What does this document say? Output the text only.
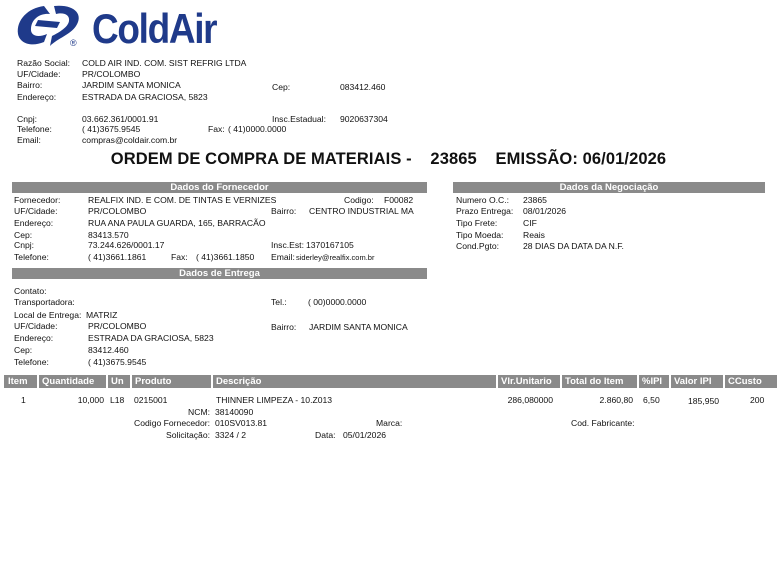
ColdAir
®
Razão Social: COLD AIR IND. COM. SIST REFRIG LTDA
UF/Cidade:	PR/COLOMBO
Bairro:	JARDIM SANTA MONICA	Cep:	083412.460
Endereço:	ESTRADA DA GRACIOSA, 5823
Cnpj:	03.662.361/0001.91	Insc.Estadual: 9020637304
Telefone:	( 41)3675.9545	Fax: ( 41)0000.0000
Email:	compras@coldair.com.br
ORDEM DE COMPRA DE MATERIAIS -    23865    EMISSÃO: 06/01/2026
Dados do Fornecedor
Fornecedor:	REALFIX IND. E COM. DE TINTAS E VERNIZES	Codigo: F00082
UF/Cidade:	PR/COLOMBO	Bairro: CENTRO INDUSTRIAL MA
Endereço:	RUA ANA PAULA GUARDA, 165, BARRACÃO
Cep:	83413.570
Cnpj:	73.244.626/0001.17	Insc.Est: 1370167105
Telefone:	( 41)3661.1861	Fax: ( 41)3661.1850 Email: siderley@realfix.com.br
Dados da Negociação
Numero O.C.: 23865
Prazo Entrega: 08/01/2026
Tipo Frete:	CIF
Tipo Moeda: Reais
Cond.Pgto:	28 DIAS DA DATA DA N.F.
Dados de Entrega
Contato:
Transportadora:	Tel.: ( 00)0000.0000
Local de Entrega: MATRIZ
UF/Cidade:	PR/COLOMBO	Bairro: JARDIM SANTA MONICA
Endereço:	ESTRADA DA GRACIOSA, 5823
Cep:	83412.460
Telefone:	( 41)3675.9545
Item	Quantidade	Un	Produto	Descrição	Vlr.Unitario	Total do Item	%IPI	Valor IPI	CCusto
1	10,000 L18 0215001	THINNER LIMPEZA - 10.Z013	286,080000	2.860,80 6,50	185,950	200
NCM: 38140090
Codigo Fornecedor: 010SV013.81	Marca:	Cod. Fabricante:
Solicitação: 3324 / 2	Data: 05/01/2026
